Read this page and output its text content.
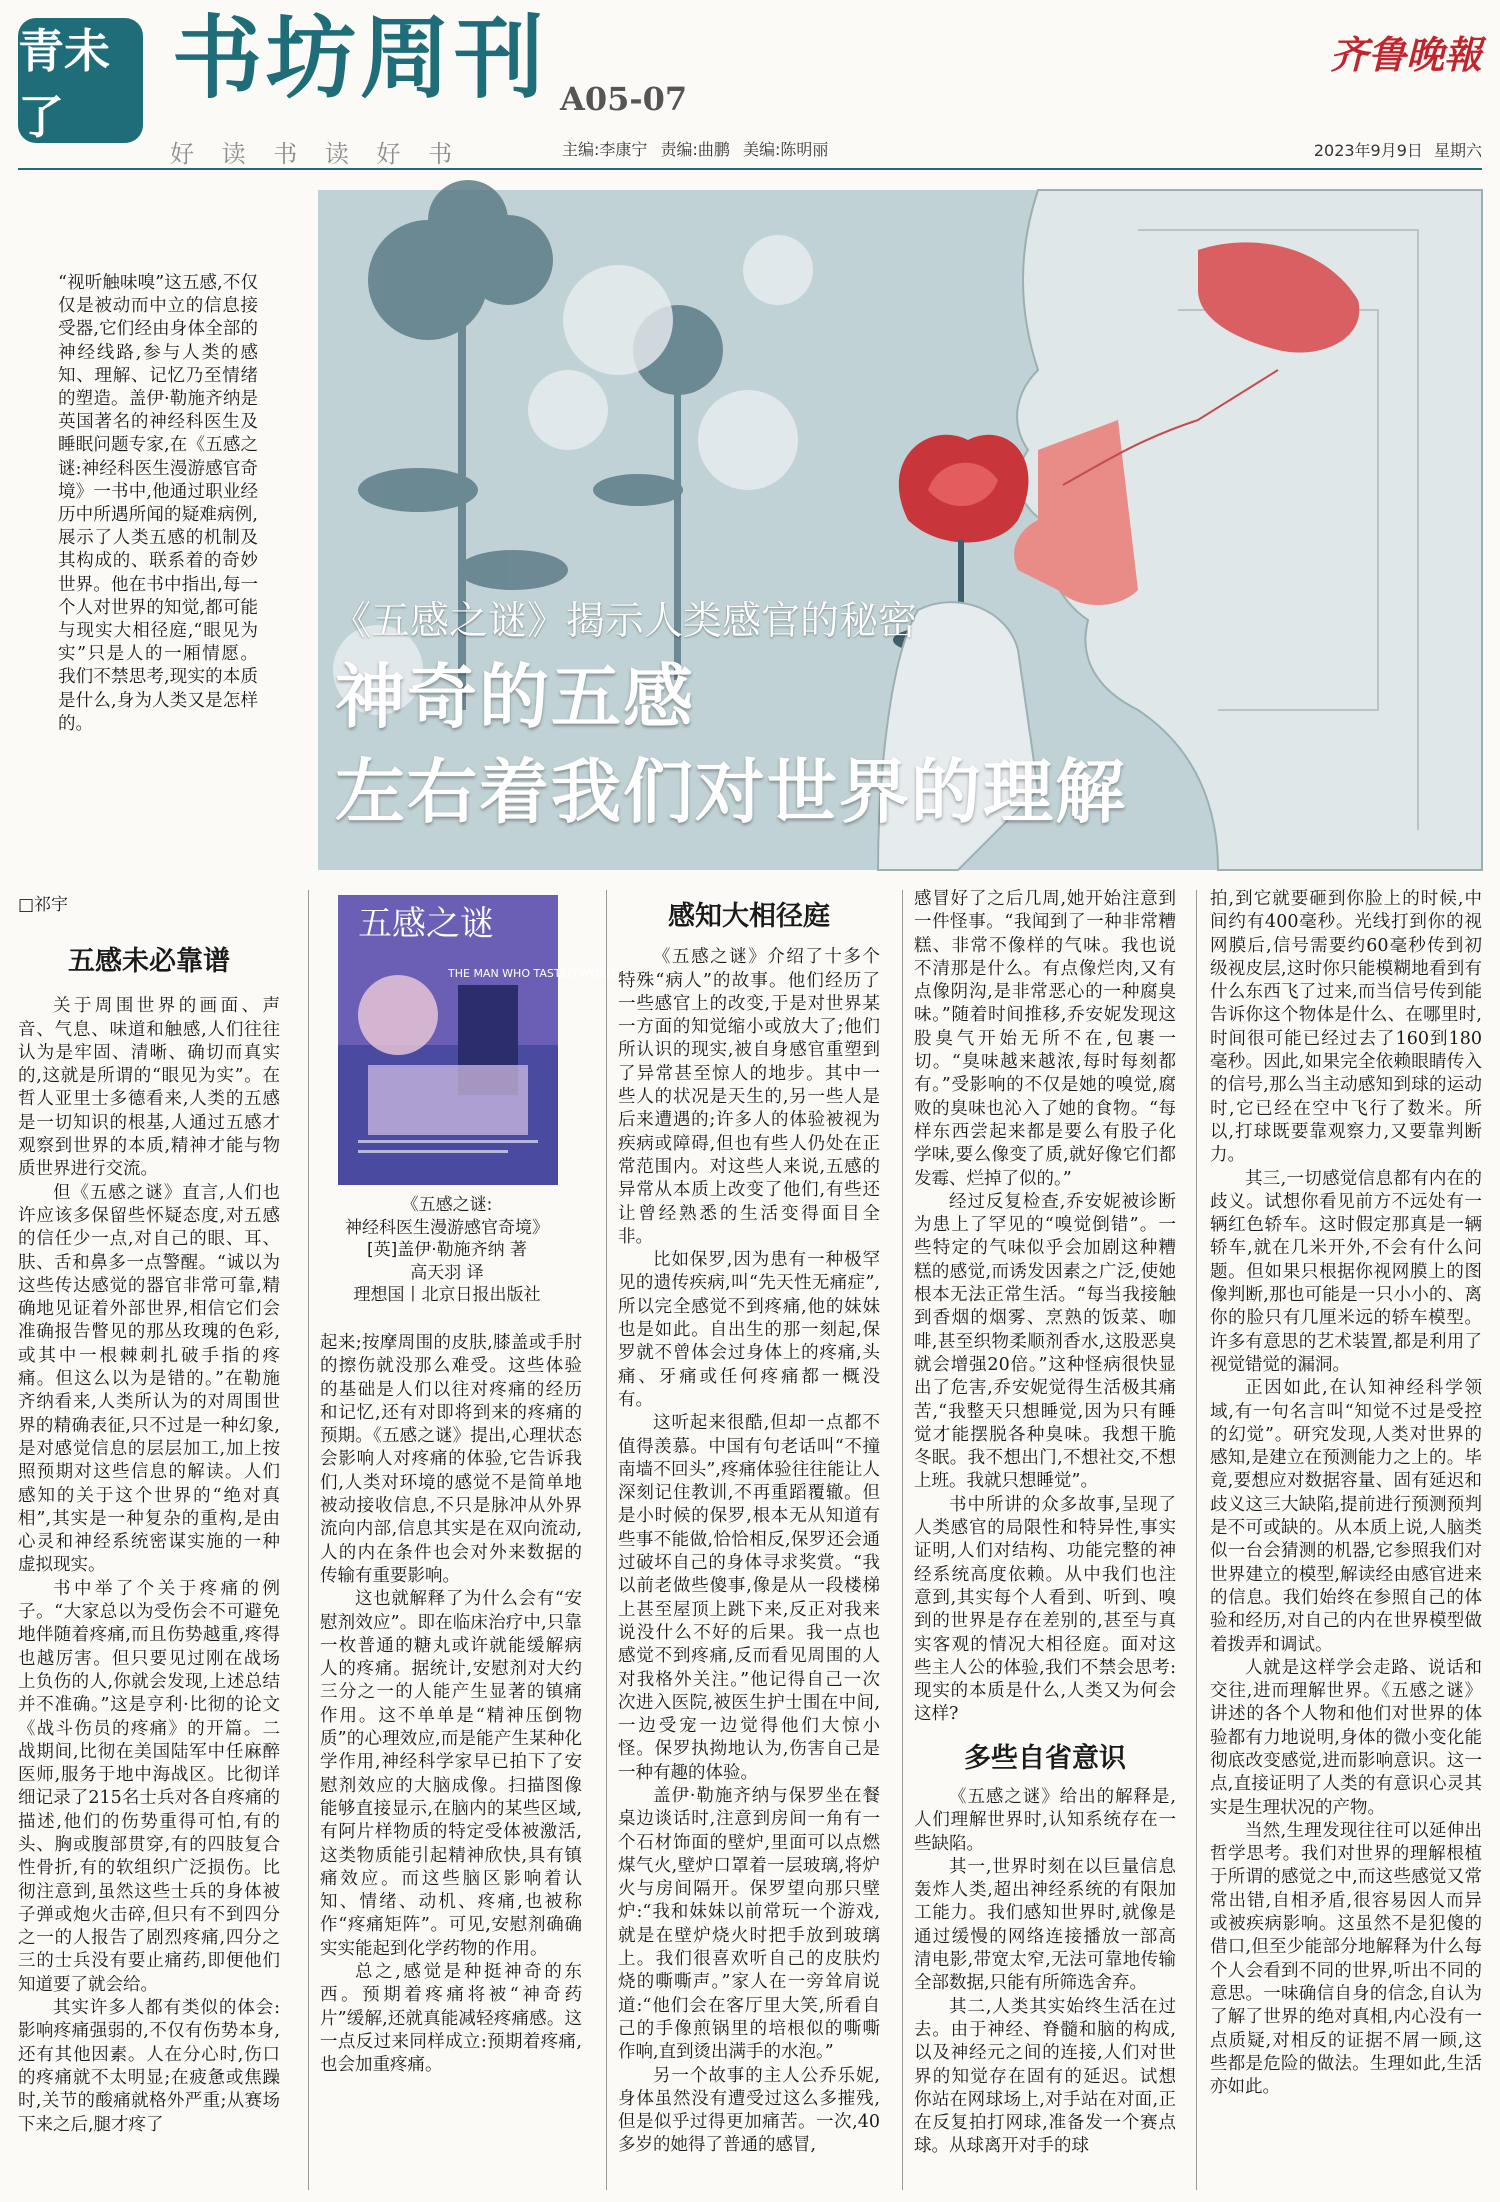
青未了
书坊周刊 A05-07
好 读 书 读 好 书	主编:李康宁 责编:曲鹏 美编:陈明丽
齐鲁晚報
2023年9月9日 星期六
“视听触味嗅”这五感,不仅仅是被动而中立的信息接受器,它们经由身体全部的神经线路,参与人类的感知、理解、记忆乃至情绪的塑造。盖伊·勒施齐纳是英国著名的神经科医生及睡眠问题专家,在《五感之谜:神经科医生漫游感官奇境》一书中,他通过职业经历中所遇所闻的疑难病例,展示了人类五感的机制及其构成的、联系着的奇妙世界。他在书中指出,每一个人对世界的知觉,都可能与现实大相径庭,“眼见为实”只是人的一厢情愿。我们不禁思考,现实的本质是什么,身为人类又是怎样的。
《五感之谜》揭示人类感官的秘密
神奇的五感
左右着我们对世界的理解
□祁宇
五感未必靠谱

关于周围世界的画面、声音、气息、味道和触感,人们往往认为是牢固、清晰、确切而真实的,这就是所谓的“眼见为实”。在哲人亚里士多德看来,人类的五感是一切知识的根基,人通过五感才观察到世界的本质,精神才能与物质世界进行交流。

但《五感之谜》直言,人们也许应该多保留些怀疑态度,对五感的信任少一点,对自己的眼、耳、肤、舌和鼻多一点警醒。“诚以为这些传达感觉的器官非常可靠,精确地见证着外部世界,相信它们会准确报告瞥见的那丛玫瑰的色彩,或其中一根棘刺扎破手指的疼痛。但这么以为是错的。”在勒施齐纳看来,人类所认为的对周围世界的精确表征,只不过是一种幻象,是对感觉信息的层层加工,加上按照预期对这些信息的解读。人们感知的关于这个世界的“绝对真相”,其实是一种复杂的重构,是由心灵和神经系统密谋实施的一种虚拟现实。

书中举了个关于疼痛的例子。“大家总以为受伤会不可避免地伴随着疼痛,而且伤势越重,疼得也越厉害。但只要见过刚在战场上负伤的人,你就会发现,上述总结并不准确。”这是亨利·比彻的论文《战斗伤员的疼痛》的开篇。二战期间,比彻在美国陆军中任麻醉医师,服务于地中海战区。比彻详细记录了215名士兵对各自疼痛的描述,他们的伤势重得可怕,有的头、胸或腹部贯穿,有的四肢复合性骨折,有的软组织广泛损伤。比彻注意到,虽然这些士兵的身体被子弹或炮火击碎,但只有不到四分之一的人报告了剧烈疼痛,四分之三的士兵没有要止痛药,即便他们知道要了就会给。

其实许多人都有类似的体会:影响疼痛强弱的,不仅有伤势本身,还有其他因素。人在分心时,伤口的疼痛就不太明显;在疲惫或焦躁时,关节的酸痛就格外严重;从赛场下来之后,腿才疼了

五感之谜
THE MAN WHO TASTED WORDS
《五感之谜:
神经科医生漫游感官奇境》
[英]盖伊·勒施齐纳 著
高天羽 译
理想国丨北京日报出版社

起来;按摩周围的皮肤,膝盖或手肘的擦伤就没那么难受。这些体验的基础是人们以往对疼痛的经历和记忆,还有对即将到来的疼痛的预期。《五感之谜》提出,心理状态会影响人对疼痛的体验,它告诉我们,人类对环境的感觉不是简单地被动接收信息,不只是脉冲从外界流向内部,信息其实是在双向流动,人的内在条件也会对外来数据的传输有重要影响。

这也就解释了为什么会有“安慰剂效应”。即在临床治疗中,只靠一枚普通的糖丸或许就能缓解病人的疼痛。据统计,安慰剂对大约三分之一的人能产生显著的镇痛作用。这不单单是“精神压倒物质”的心理效应,而是能产生某种化学作用,神经科学家早已拍下了安慰剂效应的大脑成像。扫描图像能够直接显示,在脑内的某些区域,有阿片样物质的特定受体被激活,这类物质能引起精神欣快,具有镇痛效应。而这些脑区影响着认知、情绪、动机、疼痛,也被称作“疼痛矩阵”。可见,安慰剂确确实实能起到化学药物的作用。

总之,感觉是种挺神奇的东西。预期着疼痛将被“神奇药片”缓解,还就真能减轻疼痛感。这一点反过来同样成立:预期着疼痛,也会加重疼痛。

感知大相径庭

《五感之谜》介绍了十多个特殊“病人”的故事。他们经历了一些感官上的改变,于是对世界某一方面的知觉缩小或放大了;他们所认识的现实,被自身感官重塑到了异常甚至惊人的地步。其中一些人的状况是天生的,另一些人是后来遭遇的;许多人的体验被视为疾病或障碍,但也有些人仍处在正常范围内。对这些人来说,五感的异常从本质上改变了他们,有些还让曾经熟悉的生活变得面目全非。

比如保罗,因为患有一种极罕见的遗传疾病,叫“先天性无痛症”,所以完全感觉不到疼痛,他的妹妹也是如此。自出生的那一刻起,保罗就不曾体会过身体上的疼痛,头痛、牙痛或任何疼痛都一概没有。

这听起来很酷,但却一点都不值得羡慕。中国有句老话叫“不撞南墙不回头”,疼痛体验往往能让人深刻记住教训,不再重蹈覆辙。但是小时候的保罗,根本无从知道有些事不能做,恰恰相反,保罗还会通过破坏自己的身体寻求奖赏。“我以前老做些傻事,像是从一段楼梯上甚至屋顶上跳下来,反正对我来说没什么不好的后果。我一点也感觉不到疼痛,反而看见周围的人对我格外关注。”他记得自己一次次进入医院,被医生护士围在中间,一边受宠一边觉得他们大惊小怪。保罗执拗地认为,伤害自己是一种有趣的体验。

盖伊·勒施齐纳与保罗坐在餐桌边谈话时,注意到房间一角有一个石材饰面的壁炉,里面可以点燃煤气火,壁炉口罩着一层玻璃,将炉火与房间隔开。保罗望向那只壁炉:“我和妹妹以前常玩一个游戏,就是在壁炉烧火时把手放到玻璃上。我们很喜欢听自己的皮肤灼烧的嘶嘶声。”家人在一旁耸肩说道:“他们会在客厅里大笑,所看自己的手像煎锅里的培根似的嘶嘶作响,直到烫出满手的水泡。”

另一个故事的主人公乔乐妮,身体虽然没有遭受过这么多摧残,但是似乎过得更加痛苦。一次,40多岁的她得了普通的感冒,

感冒好了之后几周,她开始注意到一件怪事。“我闻到了一种非常糟糕、非常不像样的气味。我也说不清那是什么。有点像烂肉,又有点像阴沟,是非常恶心的一种腐臭味。”随着时间推移,乔安妮发现这股臭气开始无所不在,包裹一切。“臭味越来越浓,每时每刻都有。”受影响的不仅是她的嗅觉,腐败的臭味也沁入了她的食物。“每样东西尝起来都是要么有股子化学味,要么像变了质,就好像它们都发霉、烂掉了似的。”

经过反复检查,乔安妮被诊断为患上了罕见的“嗅觉倒错”。一些特定的气味似乎会加剧这种糟糕的感觉,而诱发因素之广泛,使她根本无法正常生活。“每当我接触到香烟的烟雾、烹熟的饭菜、咖啡,甚至织物柔顺剂香水,这股恶臭就会增强20倍。”这种怪病很快显出了危害,乔安妮觉得生活极其痛苦,“我整天只想睡觉,因为只有睡觉才能摆脱各种臭味。我想干脆冬眠。我不想出门,不想社交,不想上班。我就只想睡觉”。

书中所讲的众多故事,呈现了人类感官的局限性和特异性,事实证明,人们对结构、功能完整的神经系统高度依赖。从中我们也注意到,其实每个人看到、听到、嗅到的世界是存在差别的,甚至与真实客观的情况大相径庭。面对这些主人公的体验,我们不禁会思考:现实的本质是什么,人类又为何会这样?

多些自省意识

《五感之谜》给出的解释是,人们理解世界时,认知系统存在一些缺陷。

其一,世界时刻在以巨量信息轰炸人类,超出神经系统的有限加工能力。我们感知世界时,就像是通过缓慢的网络连接播放一部高清电影,带宽太窄,无法可靠地传输全部数据,只能有所筛选舍弃。

其二,人类其实始终生活在过去。由于神经、脊髓和脑的构成,以及神经元之间的连接,人们对世界的知觉存在固有的延迟。试想你站在网球场上,对手站在对面,正在反复拍打网球,准备发一个赛点球。从球离开对手的球

拍,到它就要砸到你脸上的时候,中间约有400毫秒。光线打到你的视网膜后,信号需要约60毫秒传到初级视皮层,这时你只能模糊地看到有什么东西飞了过来,而当信号传到能告诉你这个物体是什么、在哪里时,时间很可能已经过去了160到180毫秒。因此,如果完全依赖眼睛传入的信号,那么当主动感知到球的运动时,它已经在空中飞行了数米。所以,打球既要靠观察力,又要靠判断力。

其三,一切感觉信息都有内在的歧义。试想你看见前方不远处有一辆红色轿车。这时假定那真是一辆轿车,就在几米开外,不会有什么问题。但如果只根据你视网膜上的图像判断,那也可能是一只小小的、离你的脸只有几厘米远的轿车模型。许多有意思的艺术装置,都是利用了视觉错觉的漏洞。

正因如此,在认知神经科学领域,有一句名言叫“知觉不过是受控的幻觉”。研究发现,人类对世界的感知,是建立在预测能力之上的。毕竟,要想应对数据容量、固有延迟和歧义这三大缺陷,提前进行预测预判是不可或缺的。从本质上说,人脑类似一台会猜测的机器,它参照我们对世界建立的模型,解读经由感官进来的信息。我们始终在参照自己的体验和经历,对自己的内在世界模型做着拨弄和调试。

人就是这样学会走路、说话和交往,进而理解世界。《五感之谜》讲述的各个人物和他们对世界的体验都有力地说明,身体的微小变化能彻底改变感觉,进而影响意识。这一点,直接证明了人类的有意识心灵其实是生理状况的产物。

当然,生理发现往往可以延伸出哲学思考。我们对世界的理解根植于所谓的感觉之中,而这些感觉又常常出错,自相矛盾,很容易因人而异或被疾病影响。这虽然不是犯傻的借口,但至少能部分地解释为什么每个人会看到不同的世界,听出不同的意思。一味确信自身的信念,自认为了解了世界的绝对真相,内心没有一点质疑,对相反的证据不屑一顾,这些都是危险的做法。生理如此,生活亦如此。
